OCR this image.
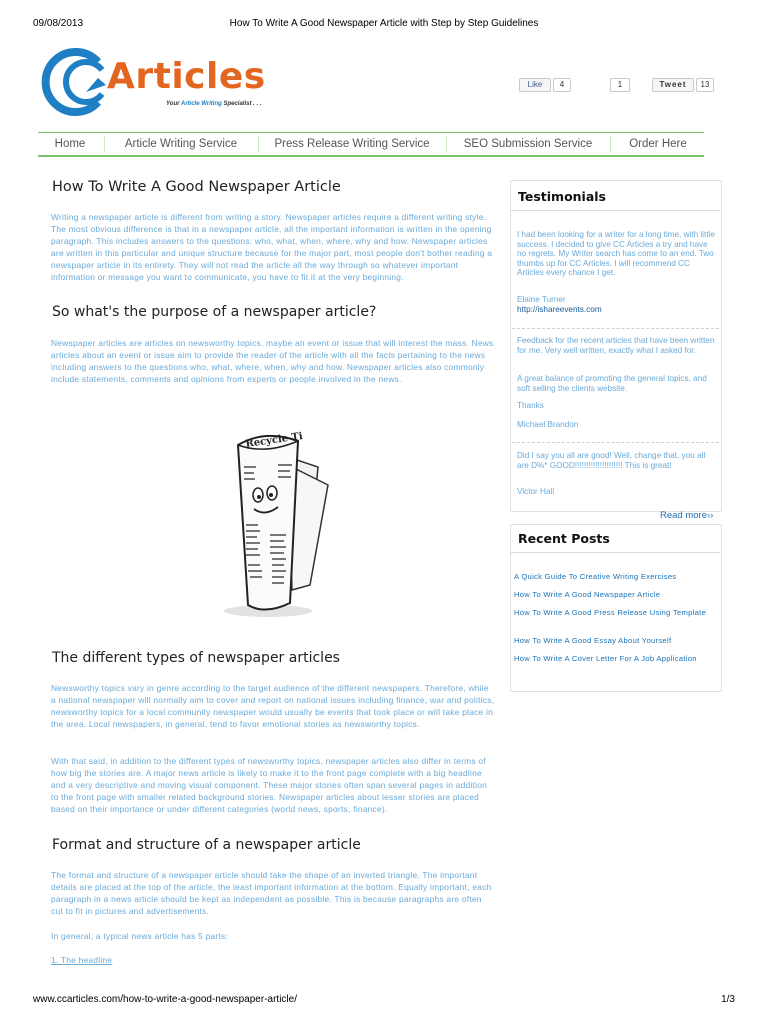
09/08/2013	How To Write A Good Newspaper Article with Step by Step Guidelines
Articles
Your Article Writing Specialist . . .
Like	4	1	Tweet	13
Home	Article Writing Service	Press Release Writing Service	SEO Submission Service	Order Here
How To Write A Good Newspaper Article
Writing a newspaper article is different from writing a story. Newspaper articles require a different writing style. The most obvious difference is that in a newspaper article, all the important information is written in the opening paragraph. This includes answers to the questions: who, what, when, where, why and how. Newspaper articles are written in this particular and unique structure because for the major part, most people don't bother reading a newspaper article in its entirety. They will not read the article all the way through so whatever important information or message you want to communicate, you have to fit it at the very beginning.
So what's the purpose of a newspaper article?
Newspaper articles are articles on newsworthy topics, maybe an event or issue that will interest the mass. News articles about an event or issue aim to provide the reader of the article with all the facts pertaining to the news including answers to the questions who, what, where, when, why and how. Newspaper articles also commonly include statements, comments and opinions from experts or people involved in the news.
Recycle Ti
The different types of newspaper articles
Newsworthy topics vary in genre according to the target audience of the different newspapers. Therefore, while a national newspaper will normally aim to cover and report on national issues including finance, war and politics, newsworthy topics for a local community newspaper would usually be events that took place or will take place in the area. Local newspapers, in general, tend to favor emotional stories as newsworthy topics.
With that said, in addition to the different types of newsworthy topics, newspaper articles also differ in terms of how big the stories are. A major news article is likely to make it to the front page complete with a big headline and a very descriptive and moving visual component. These major stories often span several pages in addition to the front page with smaller related background stories. Newspaper articles about lesser stories are placed based on their importance or under different categories (world news, sports, finance).
Format and structure of a newspaper article
The format and structure of a newspaper article should take the shape of an inverted triangle. The important details are placed at the top of the article, the least important information at the bottom. Equally important, each paragraph in a news article should be kept as independent as possible. This is because paragraphs are often cut to fit in pictures and advertisements.
In general, a typical news article has 5 parts:
1. The headline
Testimonials
I had been looking for a writer for a long time, with little success. I decided to give CC Articles a try and have no regrets. My Writer search has come to an end. Two thumbs up for CC Articles. I will recommend CC Articles every chance I get.
Elaine Turner
http://ishareevents.com
Feedback for the recent articles that have been written for me. Very well written, exactly what I asked for.
A great balance of promoting the general topics, and soft selling the clients website.
Thanks
Michael Brandon
Did I say you all are good! Well, change that, you all are D%* GOOD!!!!!!!!!!!!!!!!!!!!! This is great!
Victor Hall
Read more››
Recent Posts
A Quick Guide To Creative Writing Exercises
How To Write A Good Newspaper Article
How To Write A Good Press Release Using Template
How To Write A Good Essay About Yourself
How To Write A Cover Letter For A Job Application
www.ccarticles.com/how-to-write-a-good-newspaper-article/	1/3
